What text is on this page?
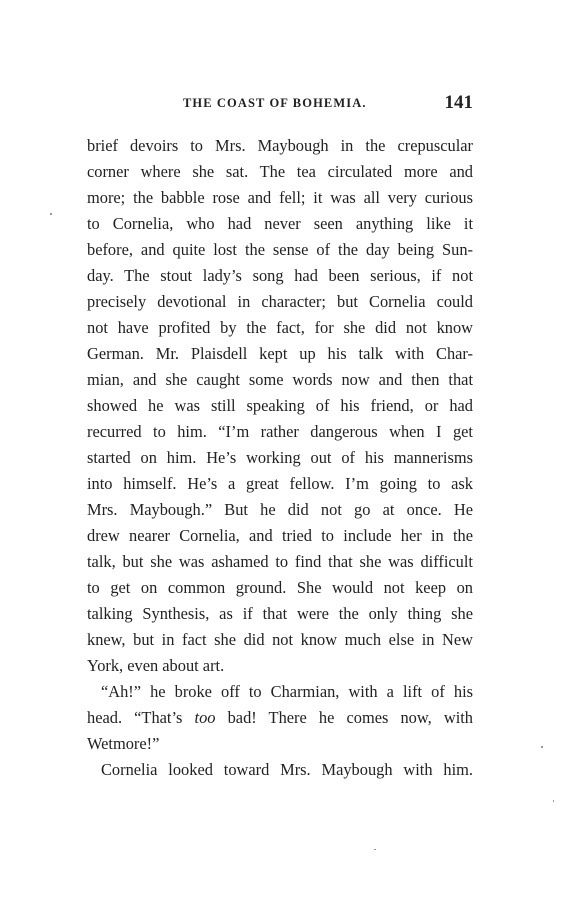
THE COAST OF BOHEMIA.	141
brief devoirs to Mrs. Maybough in the crepuscular
corner where she sat. The tea circulated more and
more; the babble rose and fell; it was all very curious
to Cornelia, who had never seen anything like it
before, and quite lost the sense of the day being Sun-
day. The stout lady’s song had been serious, if not
precisely devotional in character; but Cornelia could
not have profited by the fact, for she did not know
German. Mr. Plaisdell kept up his talk with Char-
mian, and she caught some words now and then that
showed he was still speaking of his friend, or had
recurred to him. “I’m rather dangerous when I get
started on him. He’s working out of his mannerisms
into himself. He’s a great fellow. I’m going to ask
Mrs. Maybough.” But he did not go at once. He
drew nearer Cornelia, and tried to include her in the
talk, but she was ashamed to find that she was difficult
to get on common ground. She would not keep on
talking Synthesis, as if that were the only thing she
knew, but in fact she did not know much else in New
York, even about art.
“Ah!” he broke off to Charmian, with a lift of his
head. “That’s too bad! There he comes now, with
Wetmore!”
Cornelia looked toward Mrs. Maybough with him.
